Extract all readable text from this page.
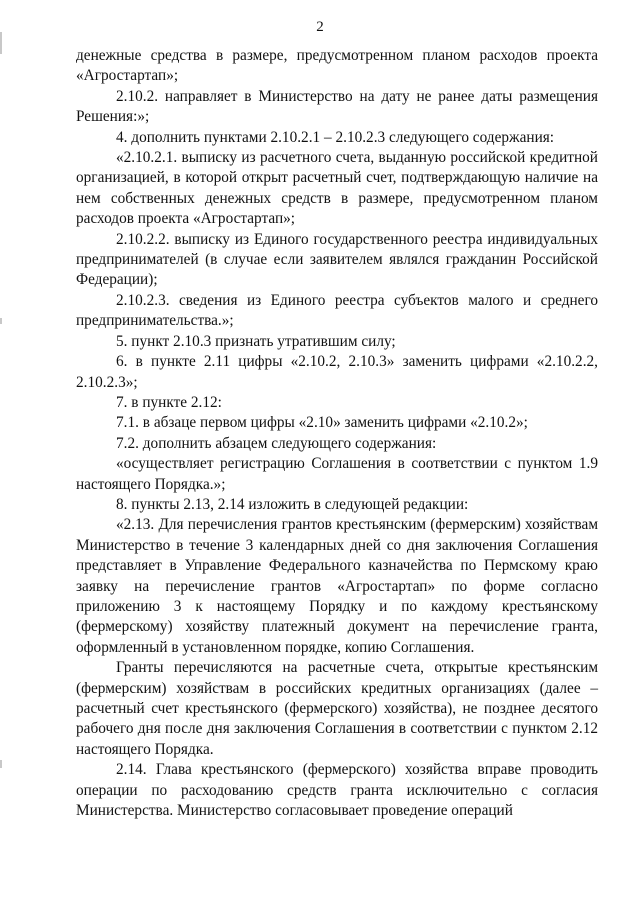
2

денежные средства в размере, предусмотренном планом расходов проекта «Агростартап»;

2.10.2. направляет в Министерство на дату не ранее даты размещения Решения:»;

4. дополнить пунктами 2.10.2.1 – 2.10.2.3 следующего содержания:

«2.10.2.1. выписку из расчетного счета, выданную российской кредитной организацией, в которой открыт расчетный счет, подтверждающую наличие на нем собственных денежных средств в размере, предусмотренном планом расходов проекта «Агростартап»;

2.10.2.2. выписку из Единого государственного реестра индивидуальных предпринимателей (в случае если заявителем являлся гражданин Российской Федерации);

2.10.2.3. сведения из Единого реестра субъектов малого и среднего предпринимательства.»;

5. пункт 2.10.3 признать утратившим силу;

6. в пункте 2.11 цифры «2.10.2, 2.10.3» заменить цифрами «2.10.2.2, 2.10.2.3»;

7. в пункте 2.12:

7.1. в абзаце первом цифры «2.10» заменить цифрами «2.10.2»;

7.2. дополнить абзацем следующего содержания:

«осуществляет регистрацию Соглашения в соответствии с пунктом 1.9 настоящего Порядка.»;

8. пункты 2.13, 2.14 изложить в следующей редакции:

«2.13. Для перечисления грантов крестьянским (фермерским) хозяйствам Министерство в течение 3 календарных дней со дня заключения Соглашения представляет в Управление Федерального казначейства по Пермскому краю заявку на перечисление грантов «Агростартап» по форме согласно приложению 3 к настоящему Порядку и по каждому крестьянскому (фермерскому) хозяйству платежный документ на перечисление гранта, оформленный в установленном порядке, копию Соглашения.

Гранты перечисляются на расчетные счета, открытые крестьянским (фермерским) хозяйствам в российских кредитных организациях (далее – расчетный счет крестьянского (фермерского) хозяйства), не позднее десятого рабочего дня после дня заключения Соглашения в соответствии с пунктом 2.12 настоящего Порядка.

2.14. Глава крестьянского (фермерского) хозяйства вправе проводить операции по расходованию средств гранта исключительно с согласия Министерства. Министерство согласовывает проведение операций
